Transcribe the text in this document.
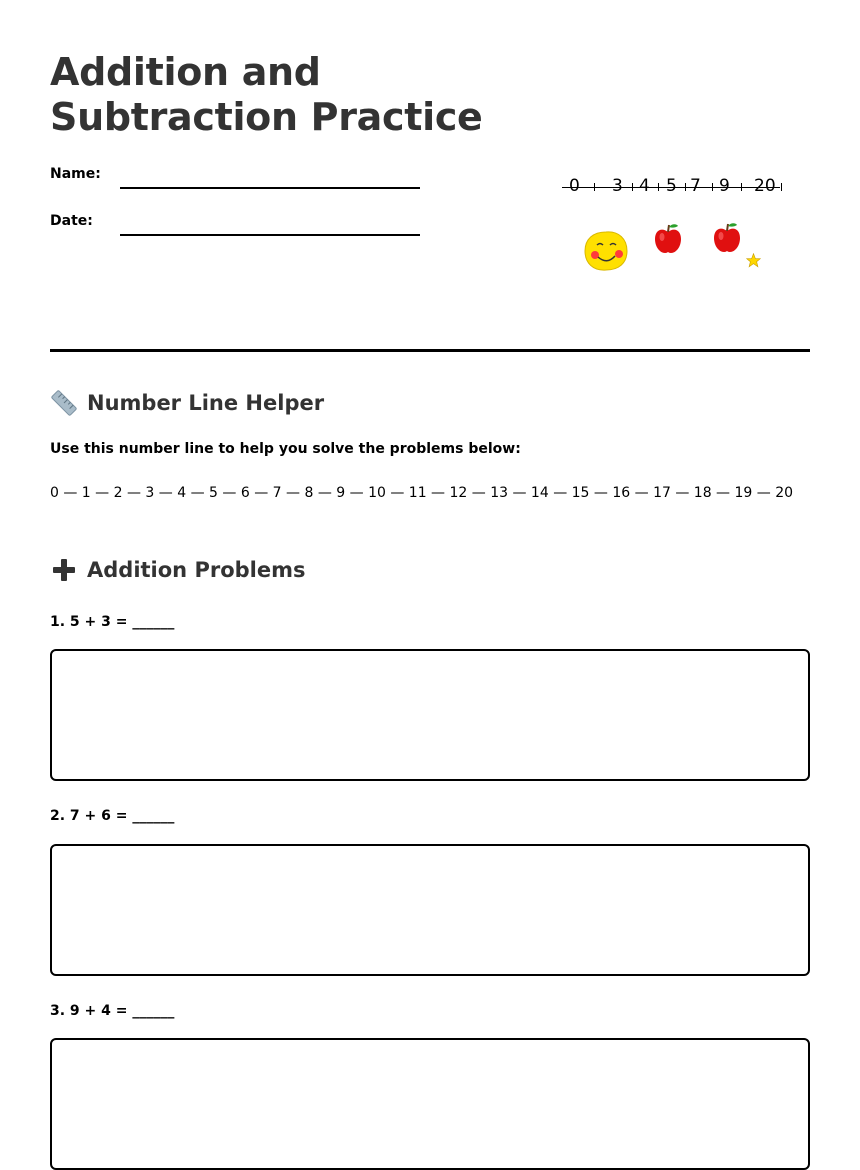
Addition and
Subtraction Practice
Name:
Date:
0 3 4 5 7 9 20
Number Line Helper
Use this number line to help you solve the problems below:
0 — 1 — 2 — 3 — 4 — 5 — 6 — 7 — 8 — 9 — 10 — 11 — 12 — 13 — 14 — 15 — 16 — 17 — 18 — 19 — 20
Addition Problems
1. 5 + 3 = ______
2. 7 + 6 = ______
3. 9 + 4 = ______
